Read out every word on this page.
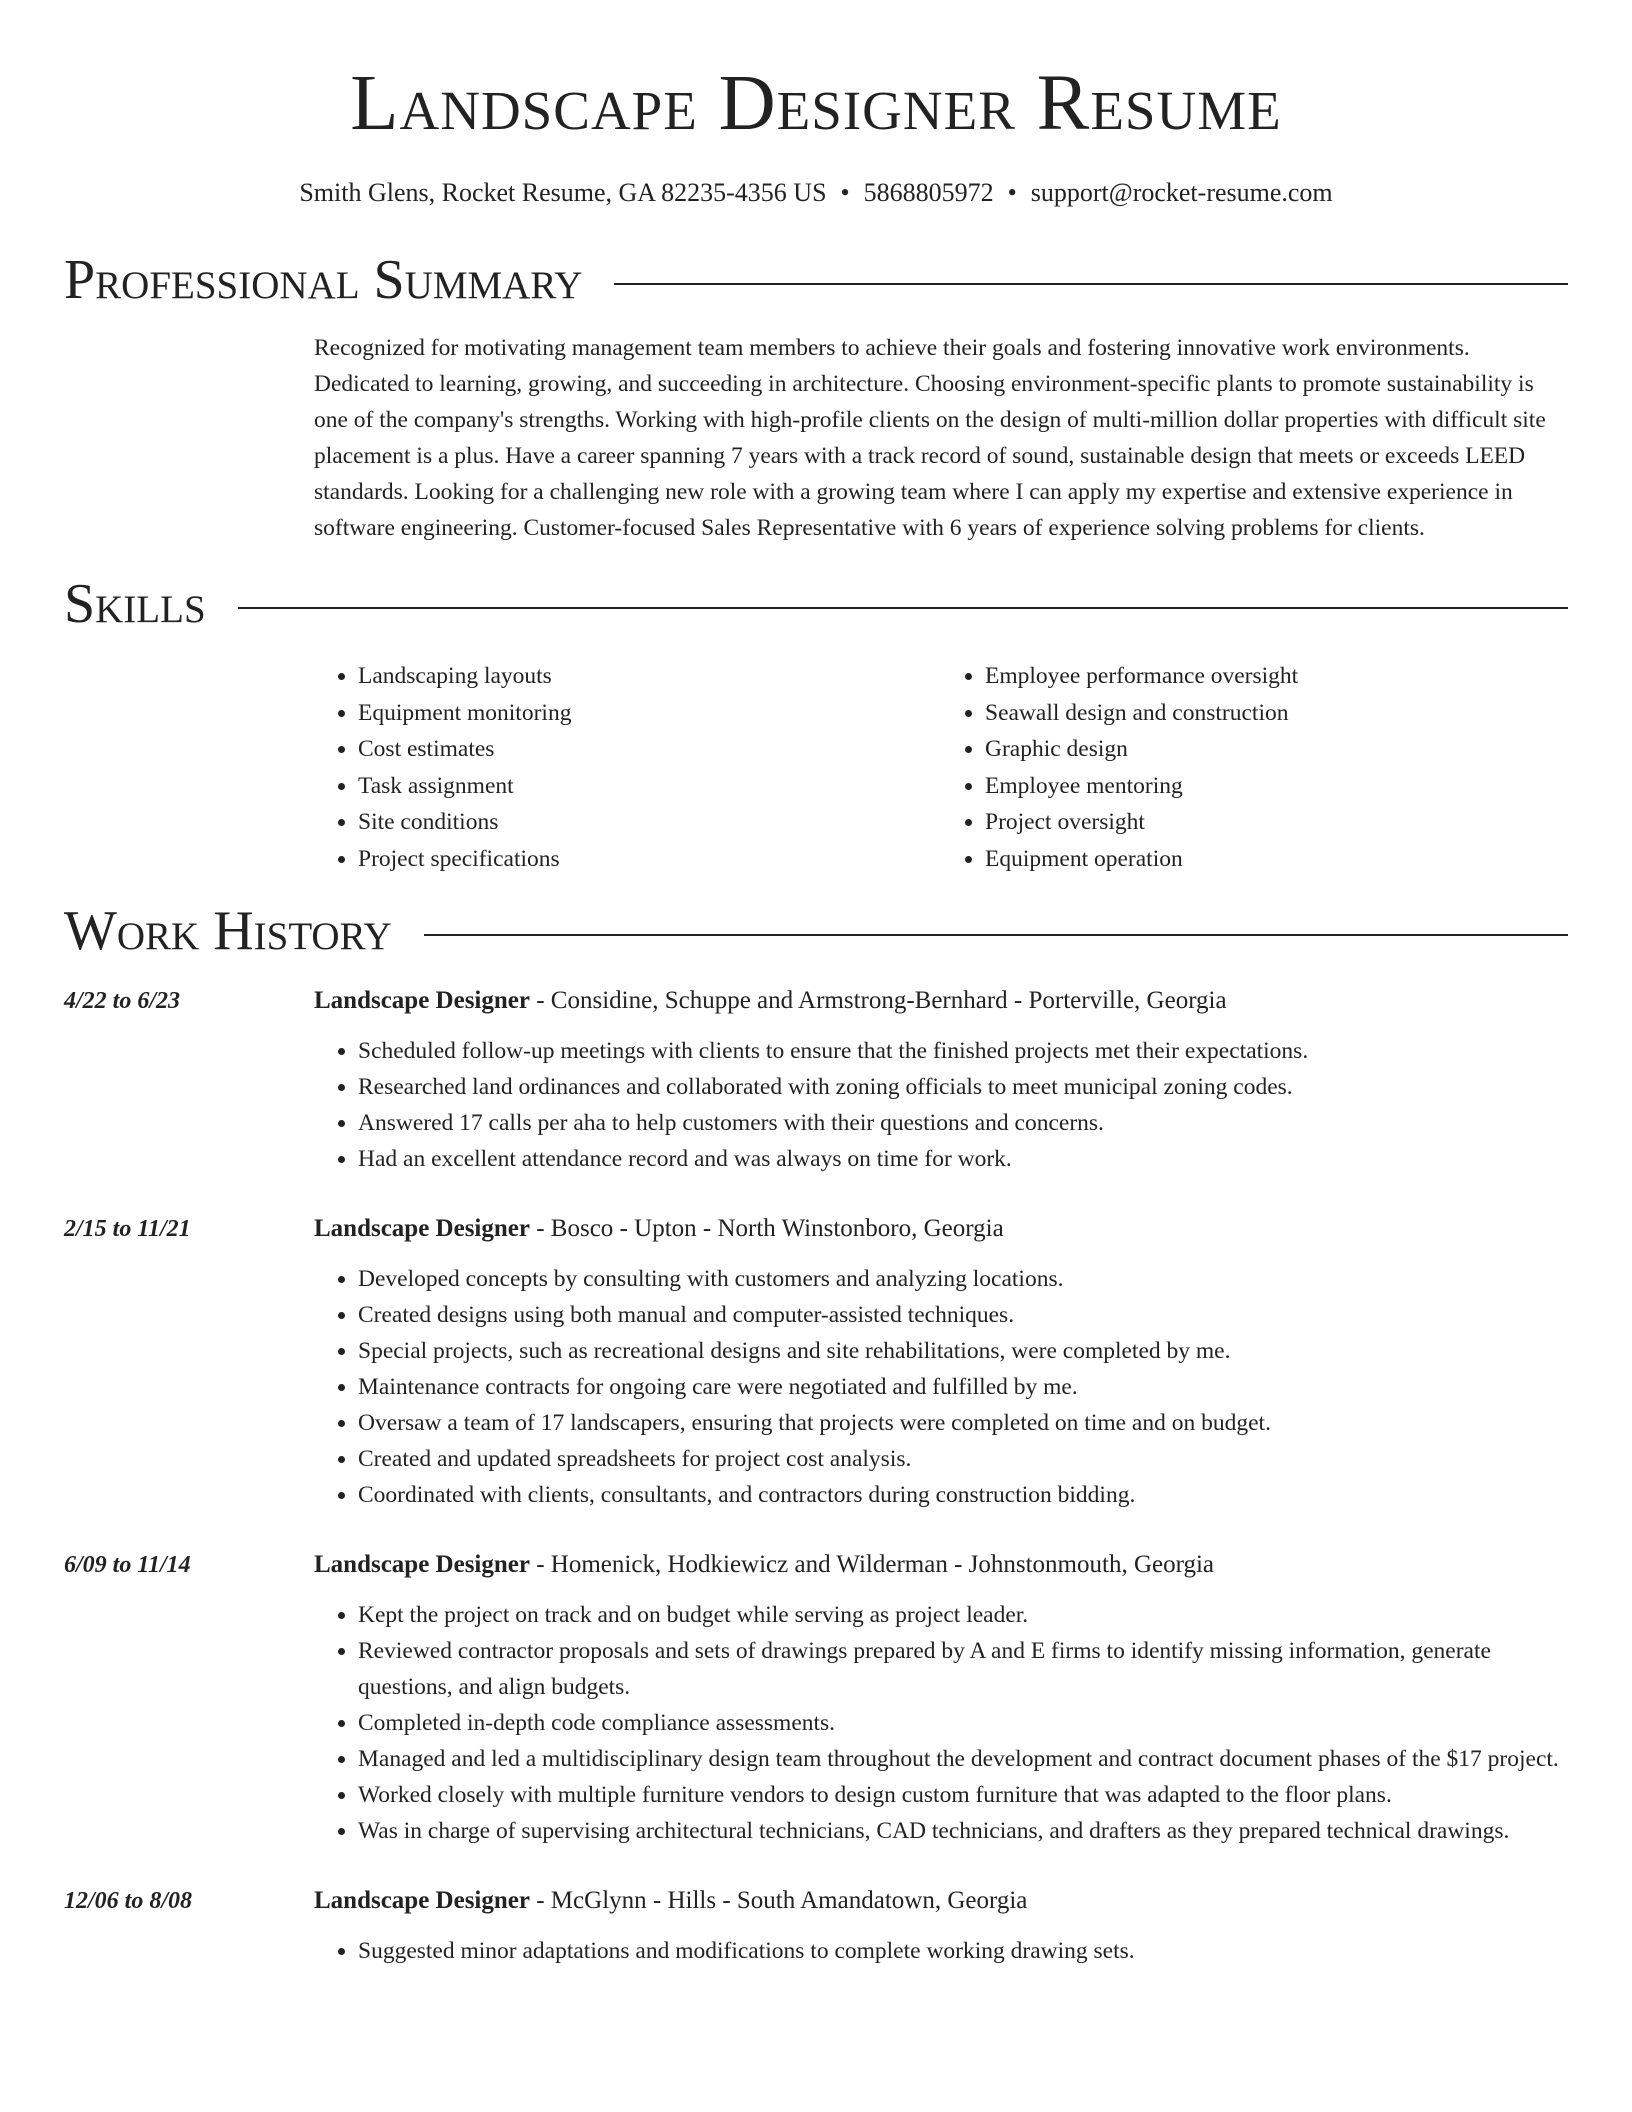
Landscape Designer Resume
Smith Glens, Rocket Resume, GA 82235-4356 US • 5868805972 • support@rocket-resume.com
Professional Summary
Recognized for motivating management team members to achieve their goals and fostering innovative work environments. Dedicated to learning, growing, and succeeding in architecture. Choosing environment-specific plants to promote sustainability is one of the company's strengths. Working with high-profile clients on the design of multi-million dollar properties with difficult site placement is a plus. Have a career spanning 7 years with a track record of sound, sustainable design that meets or exceeds LEED standards. Looking for a challenging new role with a growing team where I can apply my expertise and extensive experience in software engineering. Customer-focused Sales Representative with 6 years of experience solving problems for clients.
Skills
• Landscaping layouts
• Equipment monitoring
• Cost estimates
• Task assignment
• Site conditions
• Project specifications
• Employee performance oversight
• Seawall design and construction
• Graphic design
• Employee mentoring
• Project oversight
• Equipment operation
Work History
4/22 to 6/23	Landscape Designer - Considine, Schuppe and Armstrong-Bernhard - Porterville, Georgia
• Scheduled follow-up meetings with clients to ensure that the finished projects met their expectations.
• Researched land ordinances and collaborated with zoning officials to meet municipal zoning codes.
• Answered 17 calls per aha to help customers with their questions and concerns.
• Had an excellent attendance record and was always on time for work.
2/15 to 11/21	Landscape Designer - Bosco - Upton - North Winstonboro, Georgia
• Developed concepts by consulting with customers and analyzing locations.
• Created designs using both manual and computer-assisted techniques.
• Special projects, such as recreational designs and site rehabilitations, were completed by me.
• Maintenance contracts for ongoing care were negotiated and fulfilled by me.
• Oversaw a team of 17 landscapers, ensuring that projects were completed on time and on budget.
• Created and updated spreadsheets for project cost analysis.
• Coordinated with clients, consultants, and contractors during construction bidding.
6/09 to 11/14	Landscape Designer - Homenick, Hodkiewicz and Wilderman - Johnstonmouth, Georgia
• Kept the project on track and on budget while serving as project leader.
• Reviewed contractor proposals and sets of drawings prepared by A and E firms to identify missing information, generate questions, and align budgets.
• Completed in-depth code compliance assessments.
• Managed and led a multidisciplinary design team throughout the development and contract document phases of the $17 project.
• Worked closely with multiple furniture vendors to design custom furniture that was adapted to the floor plans.
• Was in charge of supervising architectural technicians, CAD technicians, and drafters as they prepared technical drawings.
12/06 to 8/08	Landscape Designer - McGlynn - Hills - South Amandatown, Georgia
• Suggested minor adaptations and modifications to complete working drawing sets.
